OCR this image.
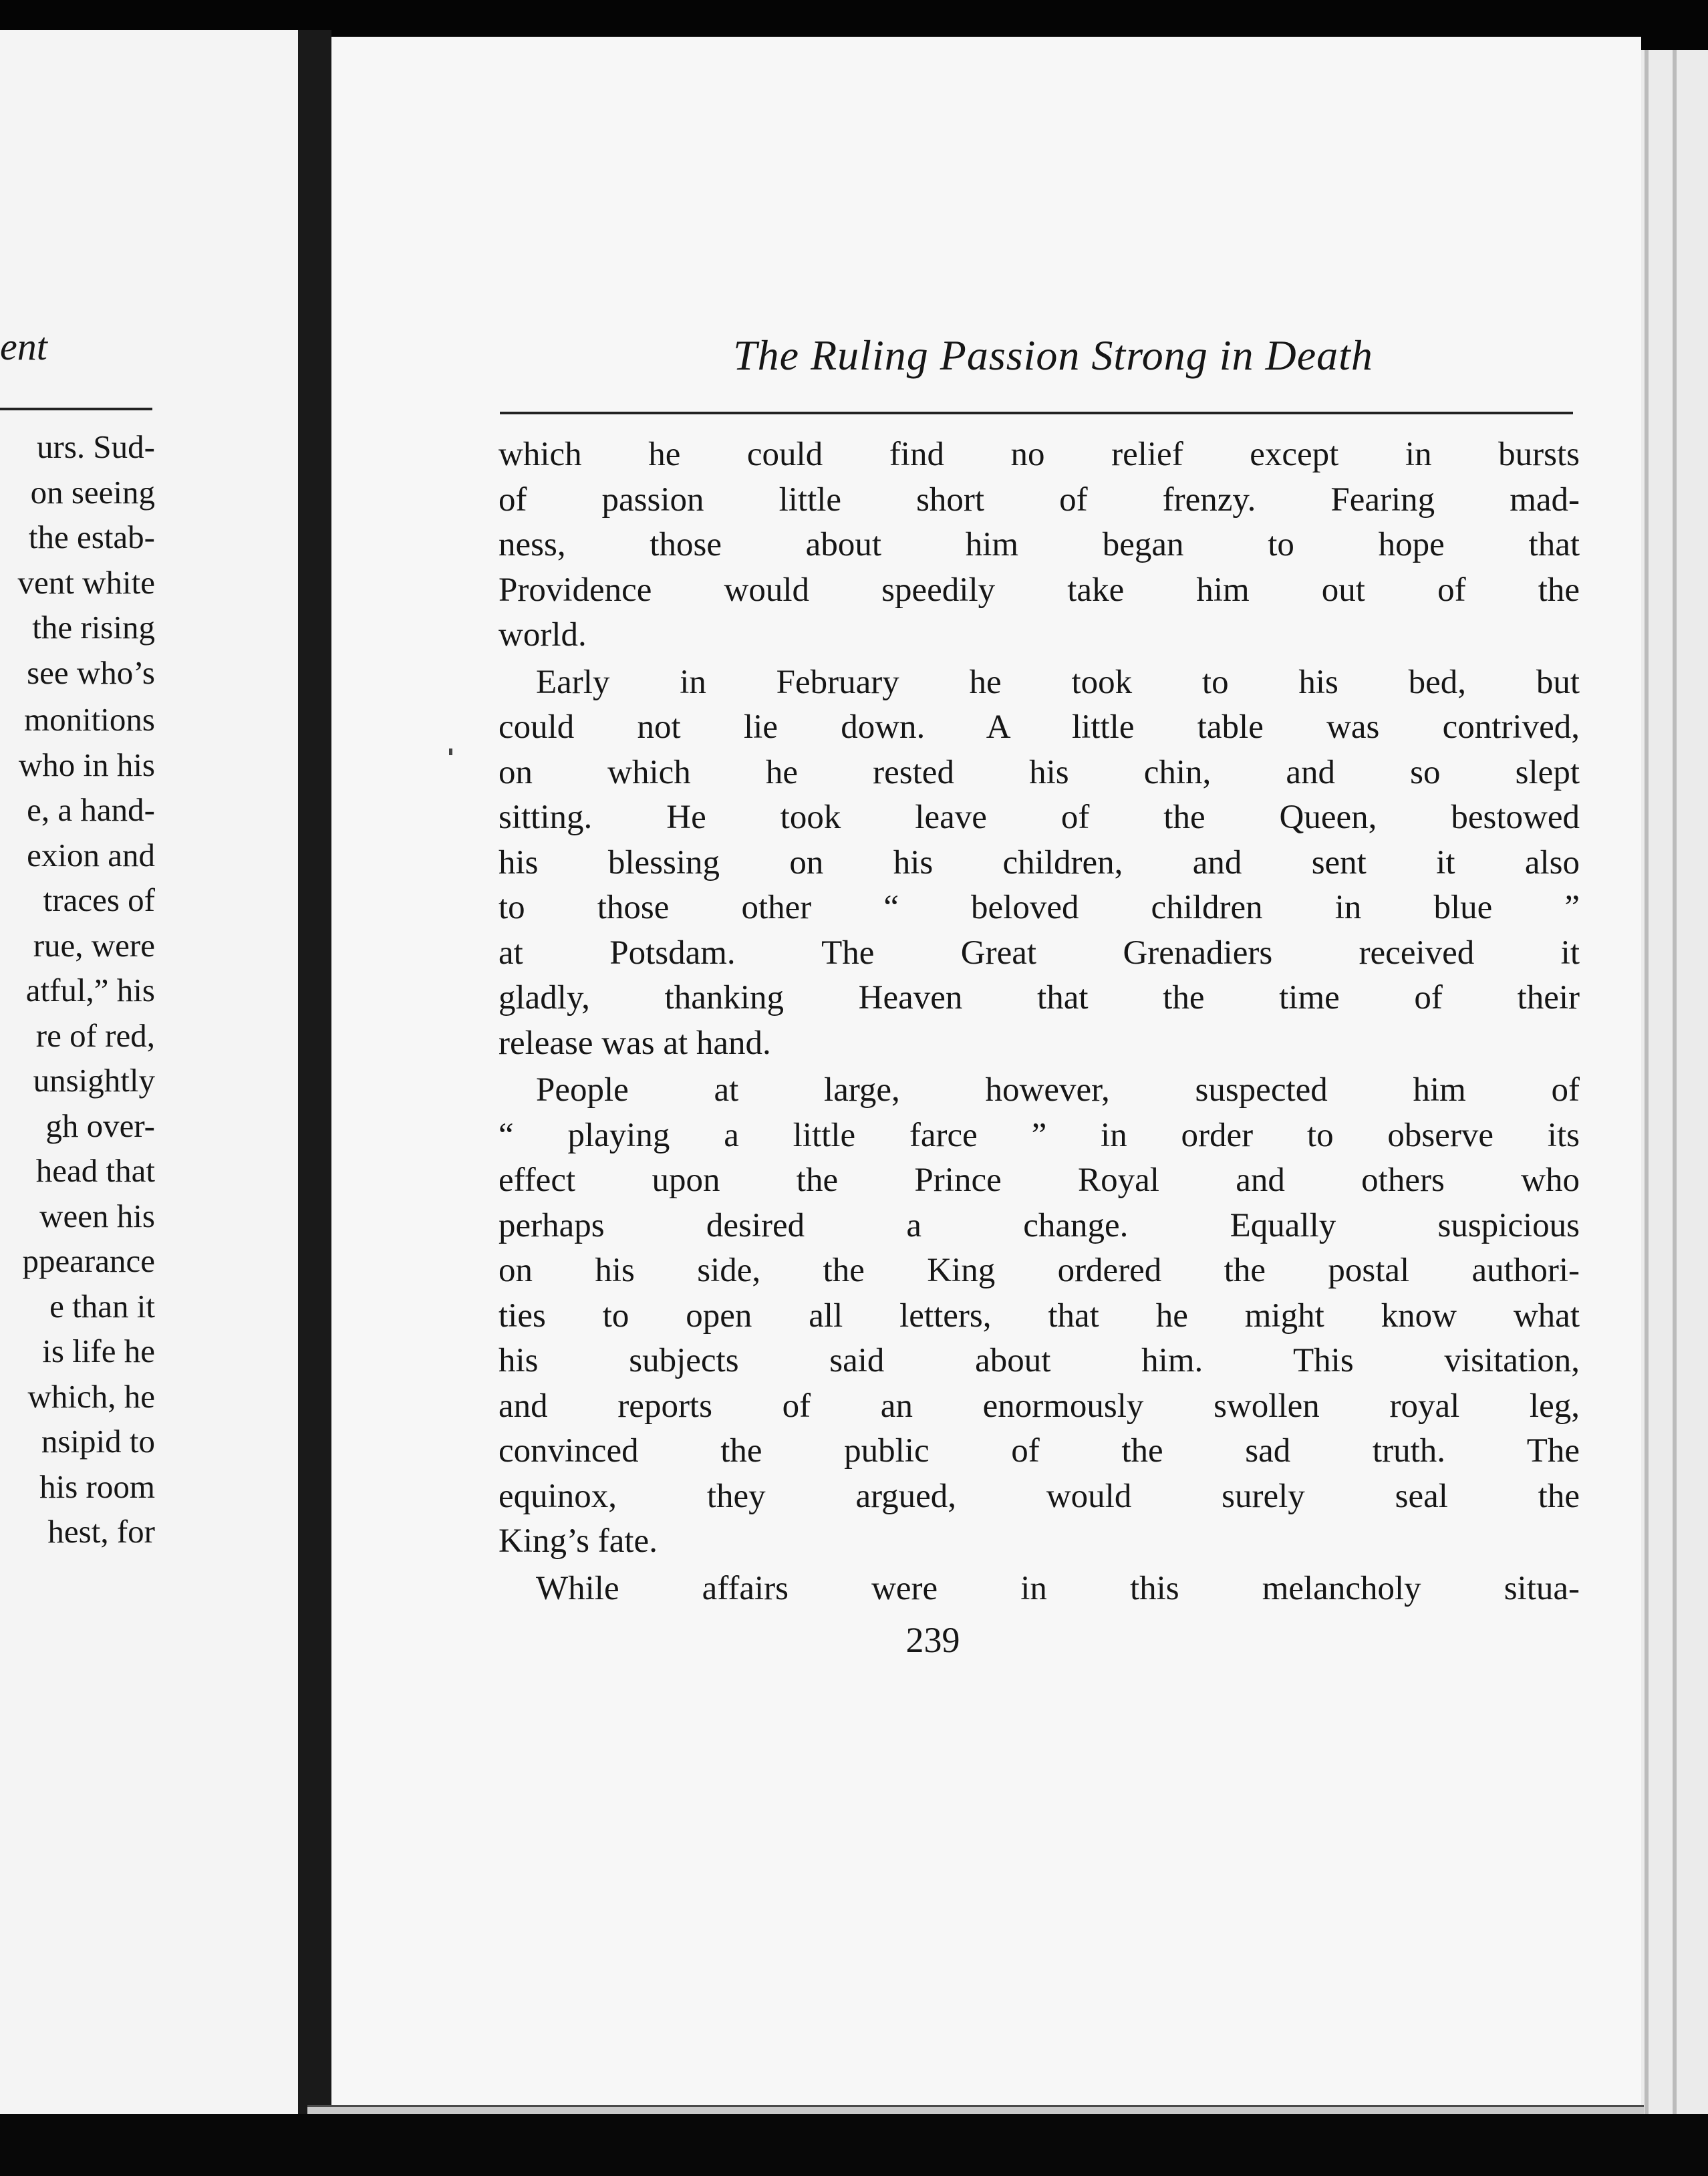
ent
urs. Sud-
on seeing
the estab-
vent white
the rising
see who’s
monitions
who in his
e, a hand-
exion and
traces of
rue, were
atful,” his
re of red,
unsightly
gh over-
head that
ween his
ppearance
e than it
is life he
which, he
nsipid to
his room
hest, for
The Ruling Passion Strong in Death
which he could find no relief except in bursts
of passion little short of frenzy. Fearing mad-
ness, those about him began to hope that
Providence would speedily take him out of the
world.
Early in February he took to his bed, but
could not lie down. A little table was contrived,
on which he rested his chin, and so slept
sitting. He took leave of the Queen, bestowed
his blessing on his children, and sent it also
to those other “ beloved children in blue ”
at Potsdam. The Great Grenadiers received it
gladly, thanking Heaven that the time of their
release was at hand.
People at large, however, suspected him of
“ playing a little farce ” in order to observe its
effect upon the Prince Royal and others who
perhaps desired a change. Equally suspicious
on his side, the King ordered the postal authori-
ties to open all letters, that he might know what
his subjects said about him. This visitation,
and reports of an enormously swollen royal leg,
convinced the public of the sad truth. The
equinox, they argued, would surely seal the
King’s fate.
While affairs were in this melancholy situa-
239
